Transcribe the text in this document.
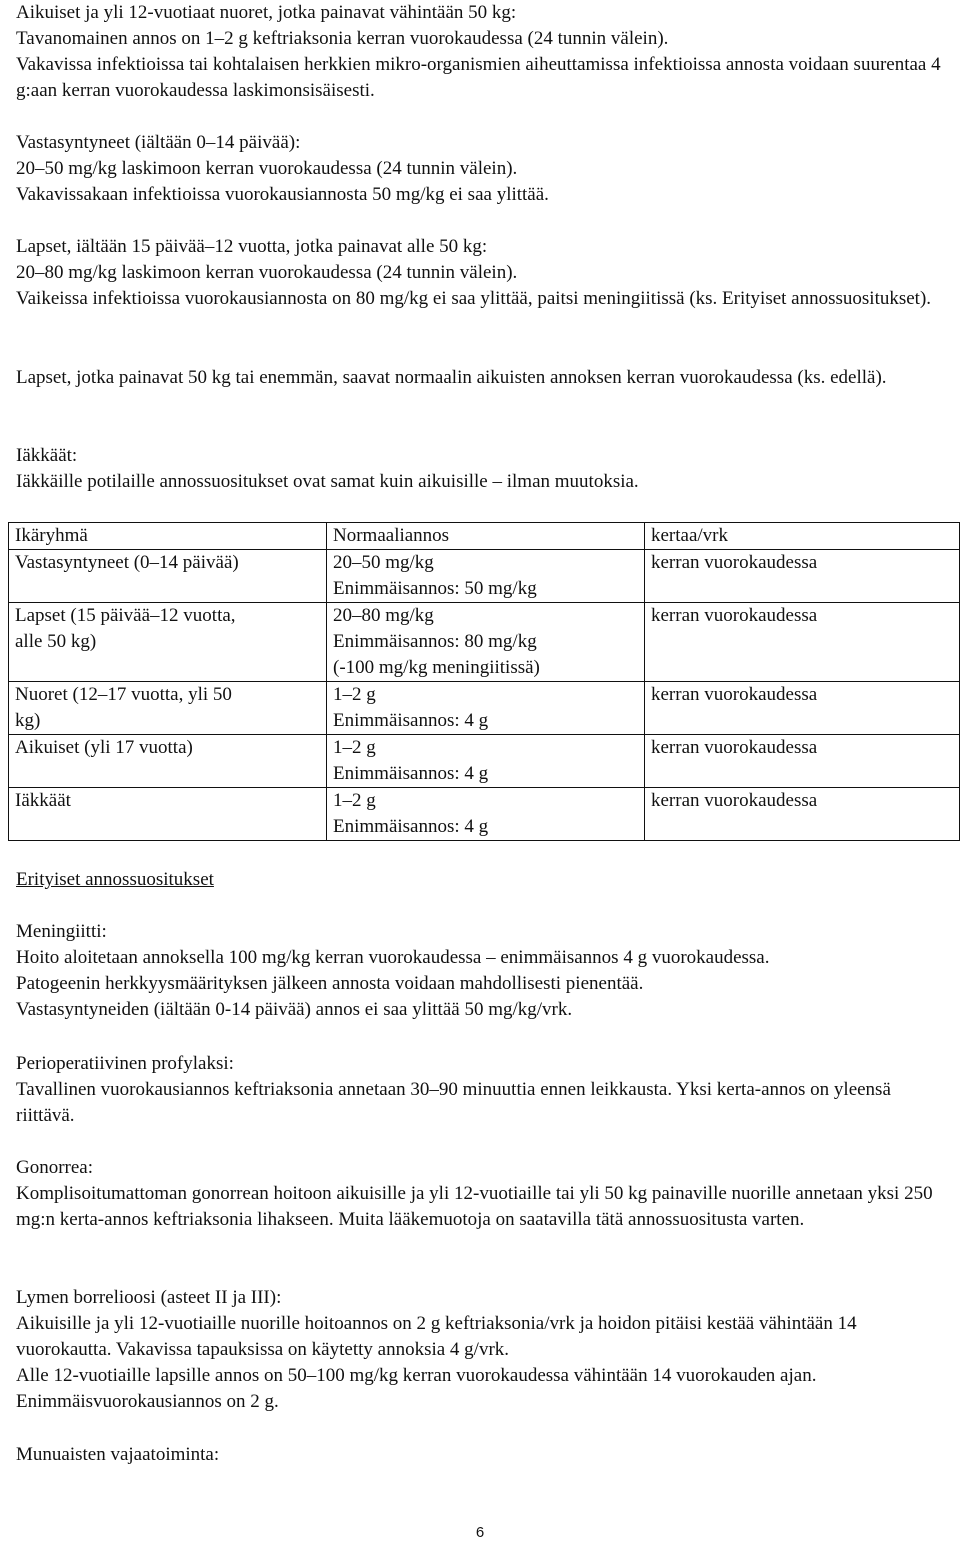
Aikuiset ja yli 12-vuotiaat nuoret, jotka painavat vähintään 50 kg:

Tavanomainen annos on 1–2 g keftriaksonia kerran vuorokaudessa (24 tunnin välein).

Vakavissa infektioissa tai kohtalaisen herkkien mikro-organismien aiheuttamissa infektioissa annosta voidaan suurentaa 4 g:aan kerran vuorokaudessa laskimonsisäisesti.

Vastasyntyneet (iältään 0–14 päivää):

20–50 mg/kg laskimoon kerran vuorokaudessa (24 tunnin välein).

Vakavissakaan infektioissa vuorokausiannosta 50 mg/kg ei saa ylittää.

Lapset, iältään 15 päivää–12 vuotta, jotka painavat alle 50 kg:

20–80 mg/kg laskimoon kerran vuorokaudessa (24 tunnin välein).

Vaikeissa infektioissa vuorokausiannosta on 80 mg/kg ei saa ylittää, paitsi meningiitissä (ks. Erityiset annossuositukset).

Lapset, jotka painavat 50 kg tai enemmän, saavat normaalin aikuisten annoksen kerran vuorokaudessa (ks. edellä).

Iäkkäät:

Iäkkäille potilaille annossuositukset ovat samat kuin aikuisille – ilman muutoksia.

Ikäryhmä	Normaaliannos	kertaa/vrk

Vastasyntyneet (0–14 päivää)	20–50 mg/kg
Enimmäisannos: 50 mg/kg	kerran vuorokaudessa

Lapset (15 päivää–12 vuotta,
alle 50 kg)	20–80 mg/kg
Enimmäisannos: 80 mg/kg
(-100 mg/kg meningiitissä)	kerran vuorokaudessa

Nuoret (12–17 vuotta, yli 50
kg)	1–2 g
Enimmäisannos: 4 g	kerran vuorokaudessa

Aikuiset (yli 17 vuotta)	1–2 g
Enimmäisannos: 4 g	kerran vuorokaudessa

Iäkkäät	1–2 g
Enimmäisannos: 4 g	kerran vuorokaudessa

Erityiset annossuositukset

Meningiitti:

Hoito aloitetaan annoksella 100 mg/kg kerran vuorokaudessa – enimmäisannos 4 g vuorokaudessa.

Patogeenin herkkyysmäärityksen jälkeen annosta voidaan mahdollisesti pienentää.

Vastasyntyneiden (iältään 0-14 päivää) annos ei saa ylittää 50 mg/kg/vrk.

Perioperatiivinen profylaksi:

Tavallinen vuorokausiannos keftriaksonia annetaan 30–90 minuuttia ennen leikkausta. Yksi kerta-annos on yleensä riittävä.

Gonorrea:

Komplisoitumattoman gonorrean hoitoon aikuisille ja yli 12-vuotiaille tai yli 50 kg painaville nuorille annetaan yksi 250 mg:n kerta-annos keftriaksonia lihakseen. Muita lääkemuotoja on saatavilla tätä annossuositusta varten.

Lymen borrelioosi (asteet II ja III):

Aikuisille ja yli 12-vuotiaille nuorille hoitoannos on 2 g keftriaksonia/vrk ja hoidon pitäisi kestää vähintään 14 vuorokautta. Vakavissa tapauksissa on käytetty annoksia 4 g/vrk.

Alle 12-vuotiaille lapsille annos on 50–100 mg/kg kerran vuorokaudessa vähintään 14 vuorokauden ajan. Enimmäisvuorokausiannos on 2 g.

Munuaisten vajaatoiminta:

6
